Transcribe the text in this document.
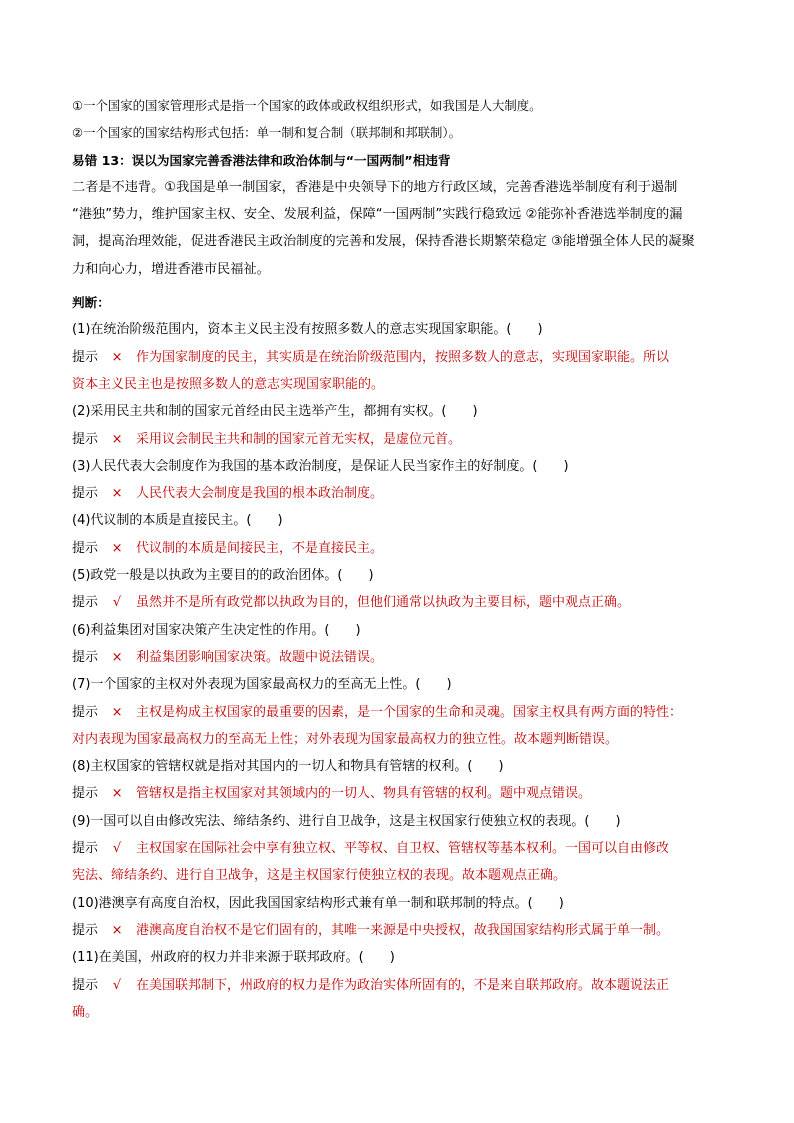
①一个国家的国家管理形式是指一个国家的政体或政权组织形式，如我国是人大制度。
②一个国家的国家结构形式包括：单一制和复合制（联邦制和邦联制）。
易错 13：误以为国家完善香港法律和政治体制与“一国两制”相违背
二者是不违背。①我国是单一制国家，香港是中央领导下的地方行政区域，完善香港选举制度有利于遏制
“港独”势力，维护国家主权、安全、发展利益，保障“一国两制”实践行稳致远 ②能弥补香港选举制度的漏
洞，提高治理效能，促进香港民主政治制度的完善和发展，保持香港长期繁荣稳定 ③能增强全体人民的凝聚
力和向心力，增进香港市民福祉。
判断：
(1)在统治阶级范围内，资本主义民主没有按照多数人的意志实现国家职能。(　　)
提示 × 作为国家制度的民主，其实质是在统治阶级范围内，按照多数人的意志，实现国家职能。所以
资本主义民主也是按照多数人的意志实现国家职能的。
(2)采用民主共和制的国家元首经由民主选举产生，都拥有实权。(　　)
提示 × 采用议会制民主共和制的国家元首无实权，是虚位元首。
(3)人民代表大会制度作为我国的基本政治制度，是保证人民当家作主的好制度。(　　)
提示 × 人民代表大会制度是我国的根本政治制度。
(4)代议制的本质是直接民主。(　　)
提示 × 代议制的本质是间接民主，不是直接民主。
(5)政党一般是以执政为主要目的的政治团体。(　　)
提示 √ 虽然并不是所有政党都以执政为目的，但他们通常以执政为主要目标，题中观点正确。
(6)利益集团对国家决策产生决定性的作用。(　　)
提示 × 利益集团影响国家决策。故题中说法错误。
(7)一个国家的主权对外表现为国家最高权力的至高无上性。(　　)
提示 × 主权是构成主权国家的最重要的因素，是一个国家的生命和灵魂。国家主权具有两方面的特性：
对内表现为国家最高权力的至高无上性；对外表现为国家最高权力的独立性。故本题判断错误。
(8)主权国家的管辖权就是指对其国内的一切人和物具有管辖的权利。(　　)
提示 × 管辖权是指主权国家对其领域内的一切人、物具有管辖的权利。题中观点错误。
(9)一国可以自由修改宪法、缔结条约、进行自卫战争，这是主权国家行使独立权的表现。(　　)
提示 √ 主权国家在国际社会中享有独立权、平等权、自卫权、管辖权等基本权利。一国可以自由修改
宪法、缔结条约、进行自卫战争，这是主权国家行使独立权的表现。故本题观点正确。
(10)港澳享有高度自治权，因此我国国家结构形式兼有单一制和联邦制的特点。(　　)
提示 × 港澳高度自治权不是它们固有的，其唯一来源是中央授权，故我国国家结构形式属于单一制。
(11)在美国，州政府的权力并非来源于联邦政府。(　　)
提示 √ 在美国联邦制下，州政府的权力是作为政治实体所固有的，不是来自联邦政府。故本题说法正
确。
